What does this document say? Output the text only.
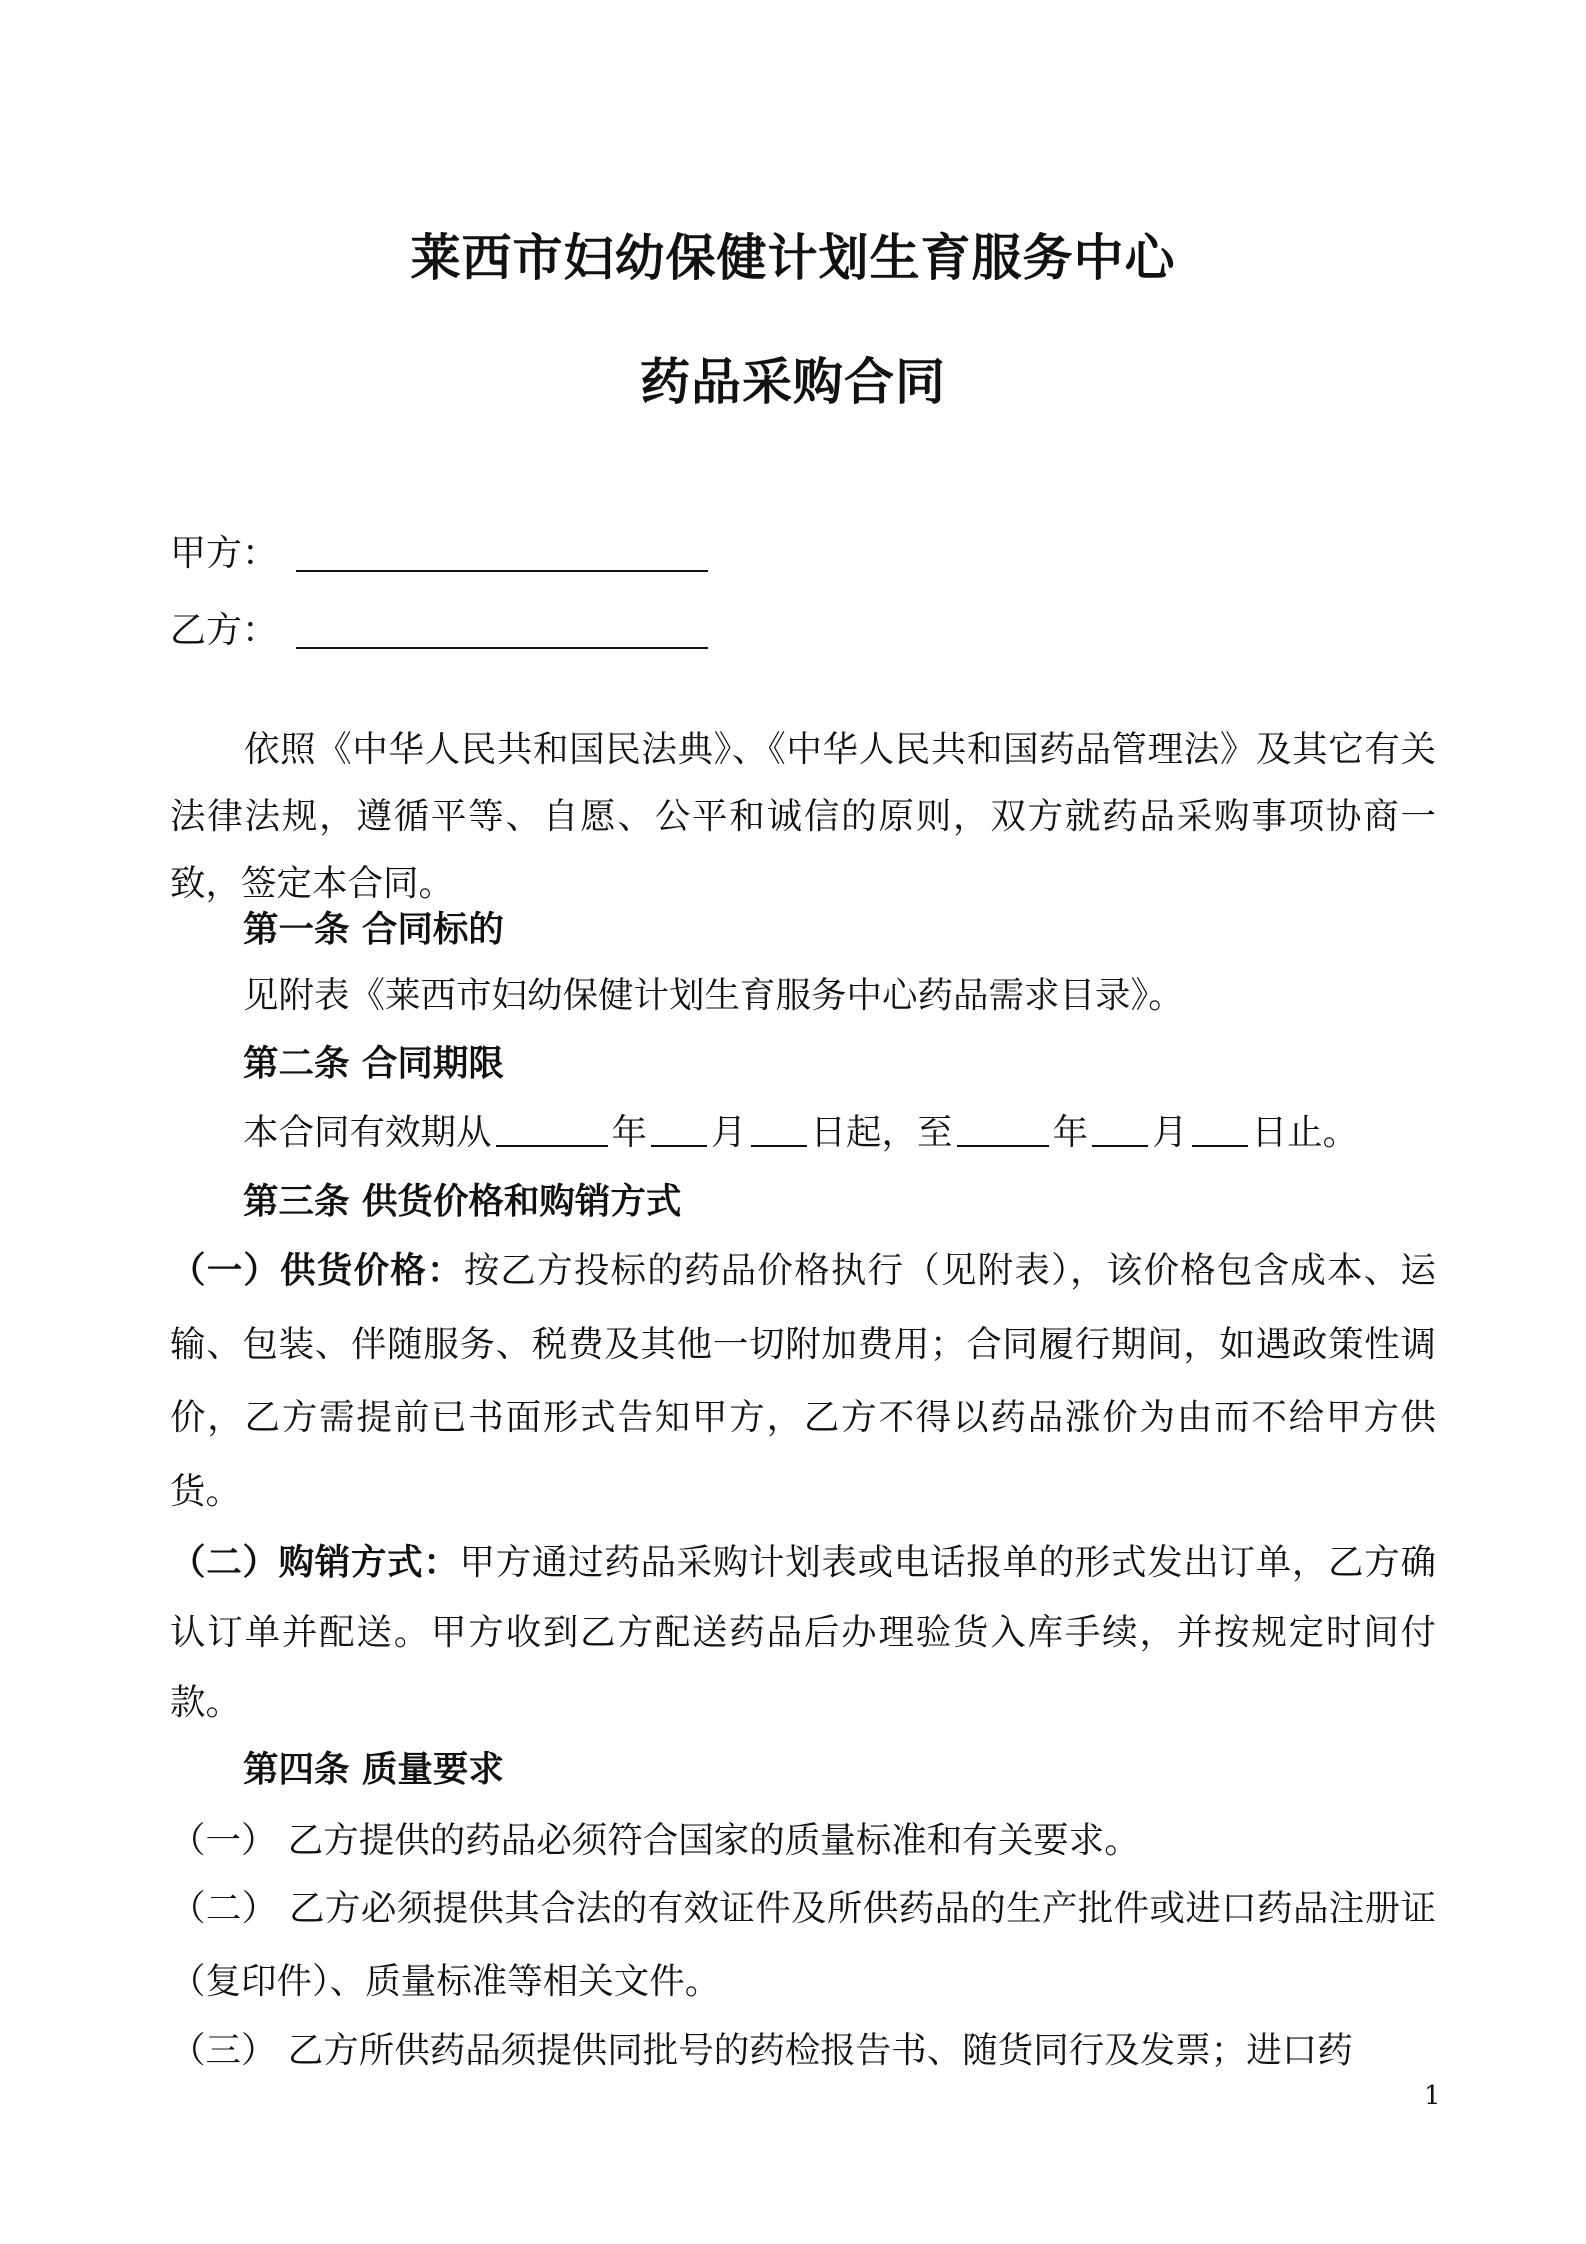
莱西市妇幼保健计划生育服务中心
药品采购合同
甲方：
乙方：
依照《中华人民共和国民法典》、《中华人民共和国药品管理法》及其它有关法律法规，遵循平等、自愿、公平和诚信的原则，双方就药品采购事项协商一致，签定本合同。
第一条 合同标的
见附表《莱西市妇幼保健计划生育服务中心药品需求目录》。
第二条 合同期限
本合同有效期从	年 月 日起，至	年 月 日止。
第三条 供货价格和购销方式
（一）供货价格：按乙方投标的药品价格执行（见附表），该价格包含成本、运输、包装、伴随服务、税费及其他一切附加费用；合同履行期间，如遇政策性调价，乙方需提前已书面形式告知甲方，乙方不得以药品涨价为由而不给甲方供货。
（二）购销方式：甲方通过药品采购计划表或电话报单的形式发出订单，乙方确认订单并配送。甲方收到乙方配送药品后办理验货入库手续，并按规定时间付款。
第四条 质量要求
（一） 乙方提供的药品必须符合国家的质量标准和有关要求。
（二） 乙方必须提供其合法的有效证件及所供药品的生产批件或进口药品注册证（复印件）、质量标准等相关文件。
（三） 乙方所供药品须提供同批号的药检报告书、随货同行及发票；进口药
1
